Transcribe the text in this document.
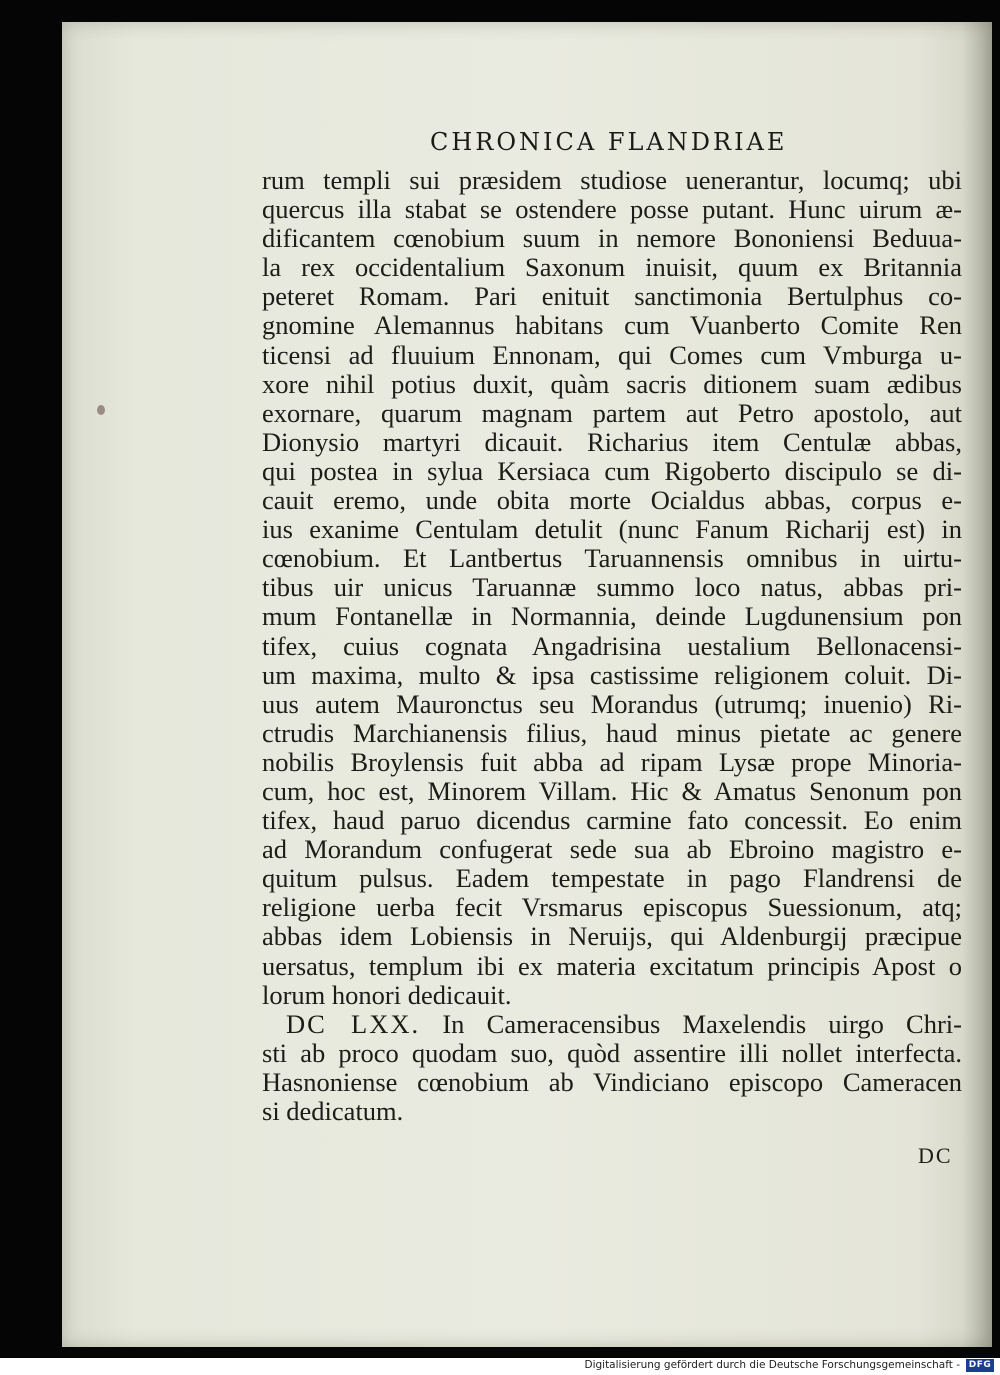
CHRONICA FLANDRIAE
rum templi sui præsidem studiose uenerantur, locumq; ubi
quercus illa stabat se ostendere posse putant. Hunc uirum æ-
dificantem cœnobium suum in nemore Bononiensi Beduua-
la rex occidentalium Saxonum inuisit, quum ex Britannia
peteret Romam. Pari enituit sanctimonia Bertulphus co-
gnomine Alemannus habitans cum Vuanberto Comite Ren
ticensi ad fluuium Ennonam, qui Comes cum Vmburga u-
xore nihil potius duxit, quàm sacris ditionem suam ædibus
exornare, quarum magnam partem aut Petro apostolo, aut
Dionysio martyri dicauit. Richarius item Centulæ abbas,
qui postea in sylua Kersiaca cum Rigoberto discipulo se di-
cauit eremo, unde obita morte Ocialdus abbas, corpus e-
ius exanime Centulam detulit (nunc Fanum Richarij est) in
cœnobium. Et Lantbertus Taruannensis omnibus in uirtu-
tibus uir unicus Taruannæ summo loco natus, abbas pri-
mum Fontanellæ in Normannia, deinde Lugdunensium pon
tifex, cuius cognata Angadrisina uestalium Bellonacensi-
um maxima, multo & ipsa castissime religionem coluit. Di-
uus autem Mauronctus seu Morandus (utrumq; inuenio) Ri-
ctrudis Marchianensis filius, haud minus pietate ac genere
nobilis Broylensis fuit abba ad ripam Lysæ prope Minoria-
cum, hoc est, Minorem Villam. Hic & Amatus Senonum pon
tifex, haud paruo dicendus carmine fato concessit. Eo enim
ad Morandum confugerat sede sua ab Ebroino magistro e-
quitum pulsus. Eadem tempestate in pago Flandrensi de
religione uerba fecit Vrsmarus episcopus Suessionum, atq;
abbas idem Lobiensis in Neruijs, qui Aldenburgij præcipue
uersatus, templum ibi ex materia excitatum principis Apost o
lorum honori dedicauit.
DC LXX. In Cameracensibus Maxelendis uirgo Chri-
sti ab proco quodam suo, quòd assentire illi nollet interfecta.
Hasnoniense cœnobium ab Vindiciano episcopo Cameracen
si dedicatum.
DC
Digitalisierung gefördert durch die Deutsche Forschungsgemeinschaft - DFG
